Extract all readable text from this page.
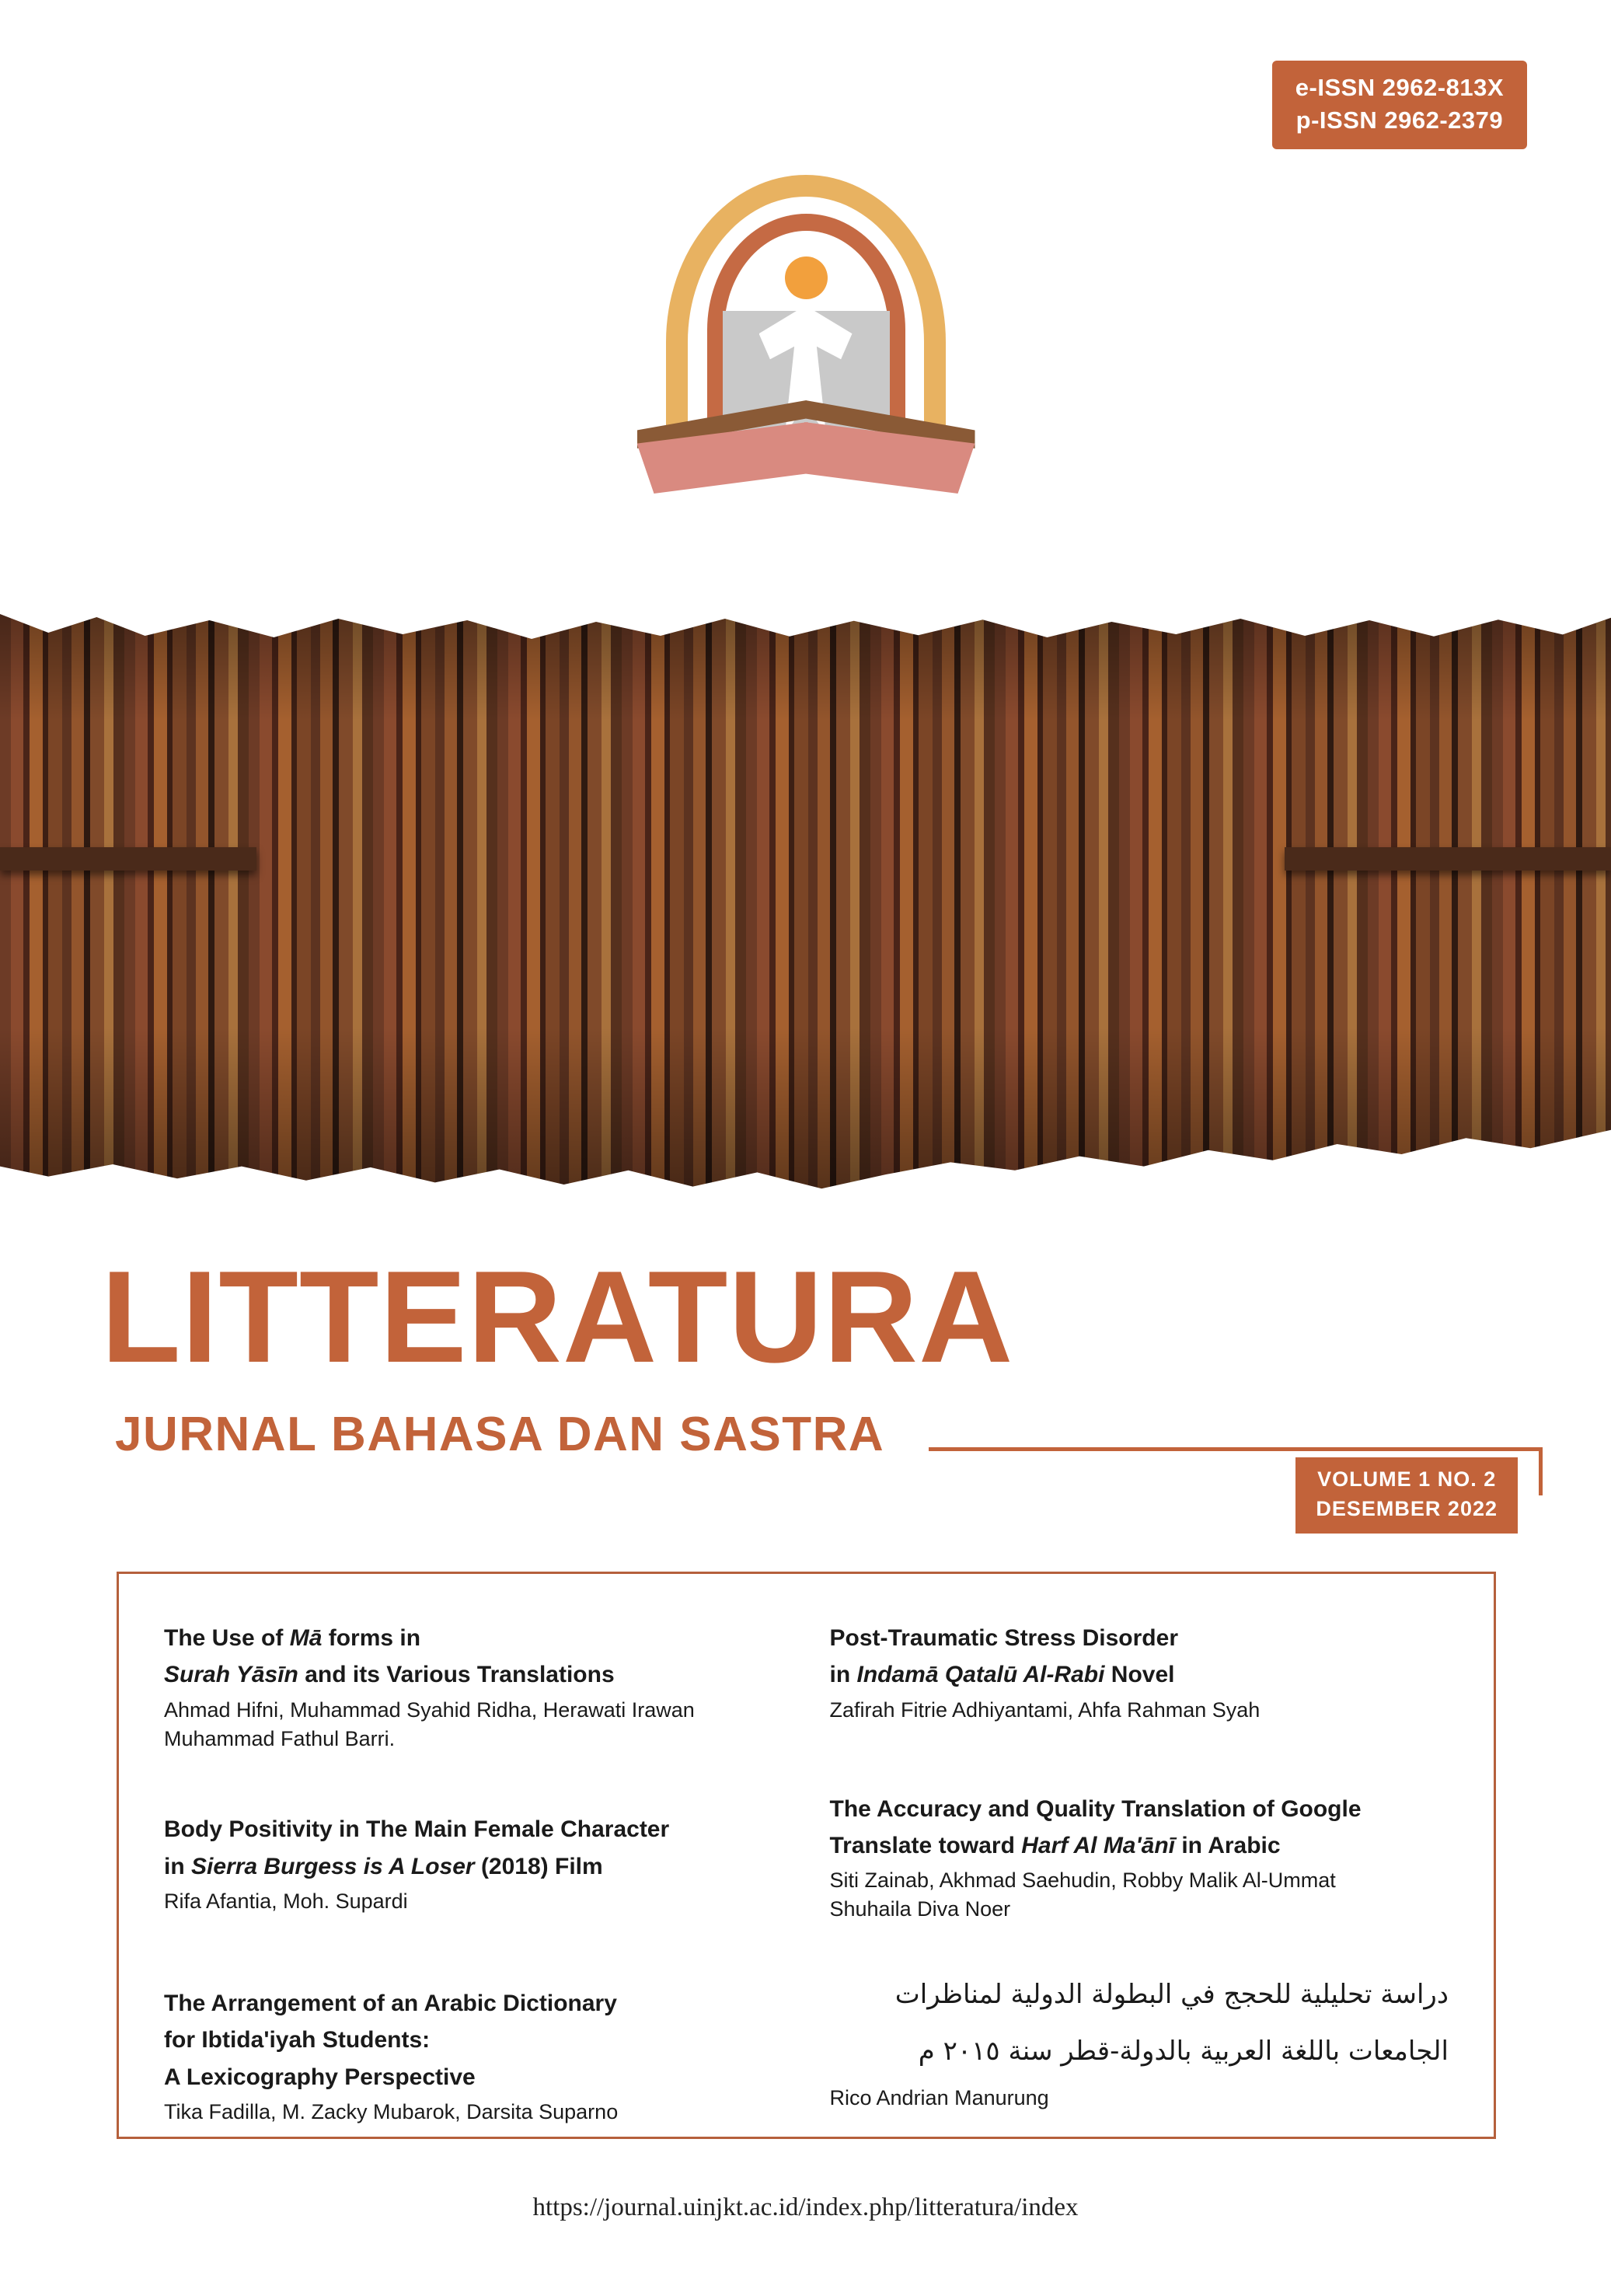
e-ISSN 2962-813X
p-ISSN 2962-2379
LITTERATURA
JURNAL BAHASA DAN SASTRA
VOLUME 1 NO. 2
DESEMBER 2022
The Use of Mā forms in
Surah Yāsīn and its Various Translations
Ahmad Hifni, Muhammad Syahid Ridha, Herawati Irawan
Muhammad Fathul Barri.
Body Positivity in The Main Female Character
in Sierra Burgess is A Loser (2018) Film
Rifa Afantia, Moh. Supardi
The Arrangement of an Arabic Dictionary
for Ibtida'iyah Students:
A Lexicography Perspective
Tika Fadilla, M. Zacky Mubarok, Darsita Suparno
Post-Traumatic Stress Disorder
in Indamā Qatalū Al-Rabi Novel
Zafirah Fitrie Adhiyantami, Ahfa Rahman Syah
The Accuracy and Quality Translation of Google
Translate toward Harf Al Ma'ānī in Arabic
Siti Zainab, Akhmad Saehudin, Robby Malik Al-Ummat
Shuhaila Diva Noer
دراسة تحليلية للحجج في البطولة الدولية لمناظرات
الجامعات باللغة العربية بالدولة-قطر سنة ٢٠١٥ م
Rico Andrian Manurung
https://journal.uinjkt.ac.id/index.php/litteratura/index
